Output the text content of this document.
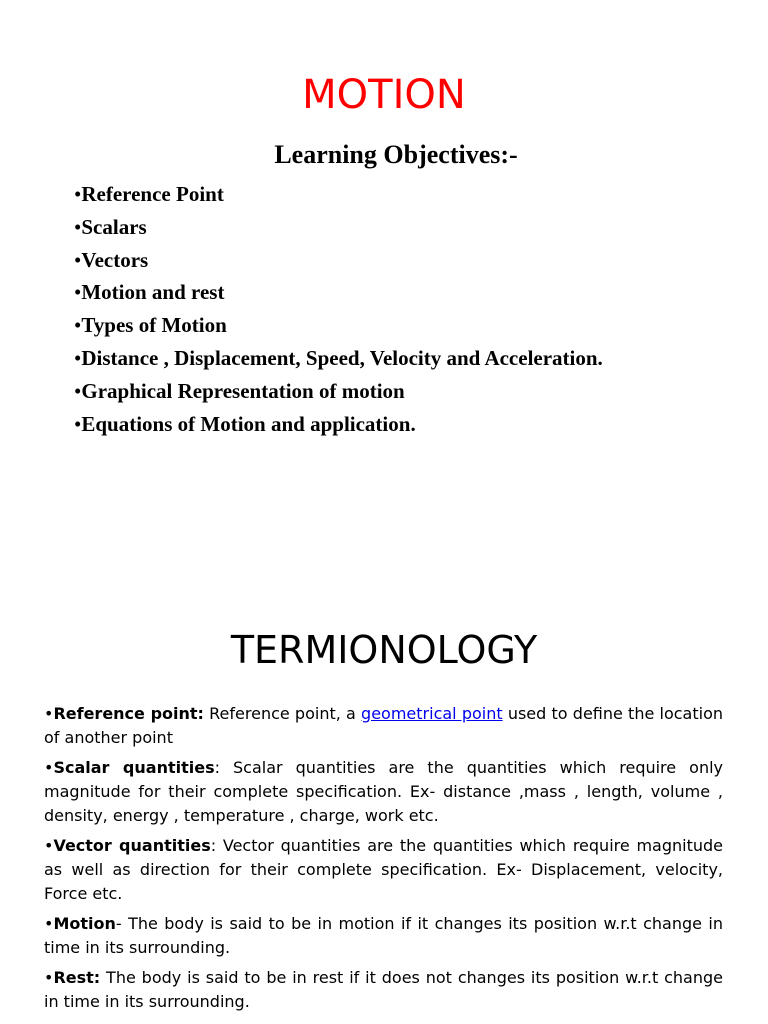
MOTION
Learning Objectives:-
•Reference Point
•Scalars
•Vectors
•Motion and rest
•Types of Motion
•Distance , Displacement, Speed, Velocity and Acceleration.
•Graphical Representation of motion
•Equations of Motion and application.
TERMIONOLOGY

•Reference point: Reference point, a geometrical point used to define the location of another point

•Scalar quantities: Scalar quantities are the quantities which require only magnitude for their complete specification. Ex- distance ,mass , length, volume , density, energy , temperature , charge, work etc.

•Vector quantities: Vector quantities are the quantities which require magnitude as well as direction for their complete specification. Ex- Displacement, velocity, Force etc.

•Motion- The body is said to be in motion if it changes its position w.r.t change in time in its surrounding.

•Rest: The body is said to be in rest if it does not changes its position w.r.t change in time in its surrounding.
